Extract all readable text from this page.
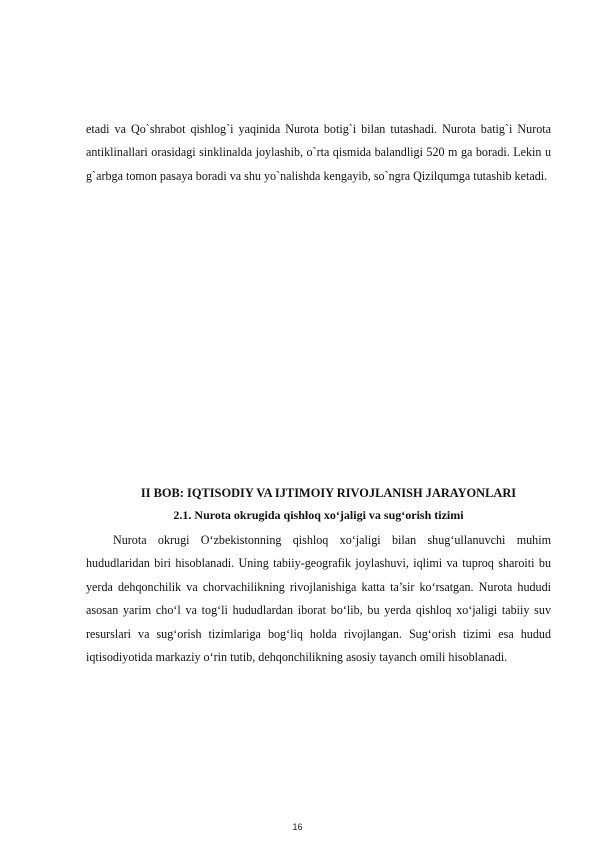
etadi va Qo`shrabot qishlog`i yaqinida Nurota botig`i bilan tutashadi. Nurota batig`i Nurota antiklinallari orasidagi sinklinalda joylashib, o`rta qismida balandligi 520 m ga boradi. Lekin u g`arbga tomon pasaya boradi va shu yo`nalishda kengayib, so`ngra Qizilqumga tutashib ketadi.

II BOB: IQTISODIY VA IJTIMOIY RIVOJLANISH JARAYONLARI
2.1. Nurota okrugida qishloq xo‘jaligi va sug‘orish tizimi

Nurota okrugi O‘zbekistonning qishloq xo‘jaligi bilan shug‘ullanuvchi muhim hududlaridan biri hisoblanadi. Uning tabiiy-geografik joylashuvi, iqlimi va tuproq sharoiti bu yerda dehqonchilik va chorvachilikning rivojlanishiga katta ta’sir ko‘rsatgan. Nurota hududi asosan yarim cho‘l va tog‘li hududlardan iborat bo‘lib, bu yerda qishloq xo‘jaligi tabiiy suv resurslari va sug‘orish tizimlariga bog‘liq holda rivojlangan. Sug‘orish tizimi esa hudud iqtisodiyotida markaziy o‘rin tutib, dehqonchilikning asosiy tayanch omili hisoblanadi.

16
